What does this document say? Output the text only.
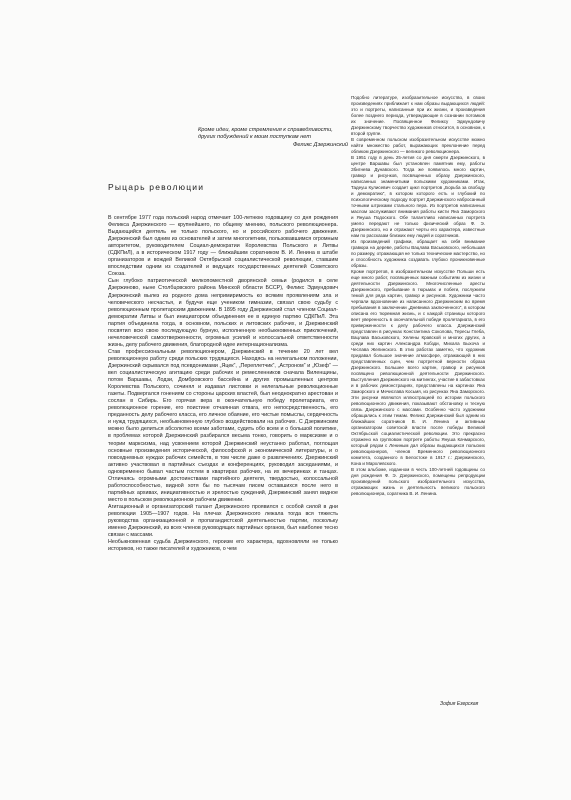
Кроме идеи, кроме стремления к справедливости, других побуждений к моим поступкам нет
Феликс Дзержинский
Рыцарь революции

В сентябре 1977 года польский народ отмечает 100-летнюю годовщину со дня рождения Феликса Дзержинского — крупнейшего, по общему мнению, польского революционера. Выдающийся деятель не только польского, но и российского рабочего движения. Дзержинский был одним из основателей и затем многолетним, пользовавшимся огромным авторитетом, руководителем Социал-демократии Королевства Польского и Литвы (СДКПиЛ), а в историческом 1917 году — ближайшим соратником В. И. Ленина в штабе организаторов и вождей Великой Октябрьской социалистической революции, ставшим впоследствии одним из создателей и ведущих государственных деятелей Советского Союза.

Сын глубоко патриотической мелкопоместной дворянской семьи (родился в селе Дзержиново, ныне Столбцовского района Минской области БССР), Феликс Эдмундович Дзержинский вылез из родного дома непримиримость ко всяким проявлениям зла и человеческого несчастья, и будучи еще учеником гимназии, связал свою судьбу с революционным пролетарским движением. В 1895 году Дзержинский стал членом Социал-демократии Литвы и был инициатором объединения ее в единую партию СДКПиЛ. Эта партия объединила тогда, в основном, польских и литовских рабочих, и Дзержинский посвятил всю свою последующую бурную, исполненную необыкновенных приключений, нечеловеческой самоотверженности, огромных усилий и колоссальной ответственности жизнь, делу рабочего движения, благородной идее интернационализма.

Став профессиональным революционером, Дзержинский в течение 20 лет вел революционную работу среди польских трудящихся. Находясь на нелегальном положении, Дзержинский скрывался под псевдонимами „Яцек“, „Переплетчик“, „Астроном“ и „Юзеф“ — вел социалистическую агитацию среди рабочих и ремесленников сначала Виленщины, потом Варшавы, Лодзи, Домбровского бассейна и других промышленных центров Королевства Польского, сочинял и издавал листовки и нелегальные революционные газеты. Подвергался гонениям со стороны царских властей, был неоднократно арестован и сослан в Сибирь. Его горячая вера в окончательную победу пролетариата, его революционное горение, его поистине отчаянная отвага, его непосредственность, его преданность делу рабочего класса, его личное обаяние, его чистые помыслы, сердечность и нужд трудящихся, необыкновенную глубоко воздействовали на рабочих. С Дзержинским можно было делиться абсолютно всеми заботами, судить обо всем и о большой политике, в проблемах которой Дзержинский разбирался весьма тонко, говорить о марксизме и о теории марксизма, над усвоением которой Дзержинский неустанно работал, поглощая основные произведения исторической, философской и экономической литературы, и о повседневных нуждах рабочих семейств, в том числе даже о развлечениях. Дзержинский активно участвовал в партийных съездах и конференциях, руководил заседаниями, и одновременно бывал частым гостем в квартирах рабочих, на их вечеринках и танцах. Отличаясь огромными достоинствами партийного деятеля, твердостью, колоссальной работоспособностью, видной хотя бы по тысячам писем оставшихся после него в партийных архивах, инициативностью и зрелостью суждений, Дзержинский занял видное место в польском революционном рабочем движении.

Агитационный и организаторский талант Дзержинского проявился с особой силой в дни революции 1905—1907 годов. На плечах Дзержинского лежала тогда вся тяжесть руководства организационной и пропагандистской деятельностью партии, поскольку именно Дзержинский, из всех членов руководящих партийных органов, был наиболее тесно связан с массами.

Необыкновенная судьба Дзержинского, героизм его характера, вдохновляли не только историков, но также писателей и художников, о чем

Подобно литературе, изобразительное искусство, в своих произведениях приближает к нам образы выдающихся людей: это и портреты, написанные при их жизни, и произведения более позднего периода, утверждающие в сознании потомков их значение. Посвященное Феликсу Эдмундовичу Дзержинскому творчество художников относится, в основном, к второй группе.

В современном польском изобразительном искусстве можно найти множество работ, выражающих преклонение перед обликом Дзержинского — великого революционера.

В 1951 году в день 25-летия со дня смерти Дзержинского, в центре Варшавы был установлен памятник ему, работы Збигнева Дунавского. Тогда же появилось много картин, гравюр и рисунков, посвященных образу Дзержинского, написанных знаменитыми польскими художниками. Итак, Тадеуш Кулисевич создает цикл портретов „Борьба за свободу и демократию“, в котором которого есть и глубокий по психологическому подходу портрет Дзержинского набросанный точными штрихами стального пера. Из портретов написанных маслом заслуживают внимания работы кисти Яна Заморского и Януша Подоского. Обе талантливо написанных портрета умело передают не только физический образ Ф. Э. Дзержинского, но и отражают черты его характера, известные нам по рассказам близких ему людей и соратников.

Из произведений графики, обращает на себя внимание гравюра на дереве, работы Вацлава Васьковского, небольшая по размеру, отражающая не только технические мастерство, но и способность художника создавать глубоко проникновенные образы.

Кроме портретов, в изобразительном искусстве Польши есть еще много работ, посвященных важным событиям из жизни и деятельности Дзержинского. Многочисленные аресты Дзержинского, пребывание в тюрьмах и побеги, послужили темой для ряда картин, гравюр и рисунков. Художники часто черпали вдохновение из написанного Дзержинским во время пребывания в заключении „Дневника заключенного“, в котором описана его тюремная жизнь, и с каждой страницы которого веет уверенность в окончательной победе пролетариата, в его приверженности к делу рабочего класса. Дзержинский представлен в рисунках Константина Соколова, Тересы Глеба, Вацлава Васьковского, Хелены Кравской и многих других, а среди них картин Александра Кобзди, Михала Быхоча и Чеслава Желинского. В этих работах заметно, что художник придавал большое значение атмосфере, отражающей в них представленных сцен, чем портретной верности образа Дзержинского. Большее всего картин, гравюр и рисунков посвящено революционной деятельности Дзержинского. Выступления Дзержинского на митингах, участие в забастовках и в рабочих демонстрациях, представлены на картинах Яна Заморского и Мечислава Косьмя, из рисунках Яна Заморского. Эти рисунки являются иллюстрацией по истории польского революционного движения, показывают обстановку и тесную связь Дзержинского с массами. Особенно часто художники обращались к этим темам. Феликс Дзержинский был одним из ближайших соратников В. И. Ленина и активным организатором советской власти после победы Великой Октябрьской социалистической революции. Это прекрасно отражено на групповом портрете работы Януша Качмарского, который рядом с Лениным дал образы выдающихся польских революционеров, членов Временного революционного комитета, созданного в Белостоке в 1917 г.: Дзержинского, Кона и Мархлевского.

В этом альбоме, изданном в честь 100-летней годовщины со дня рождения Ф. Э. Дзержинского, помещены репродукции произведений польского изобразительного искусства, отражающих жизнь и деятельность великого польского революционера, соратника В. И. Ленина.

Зофия Езерская
